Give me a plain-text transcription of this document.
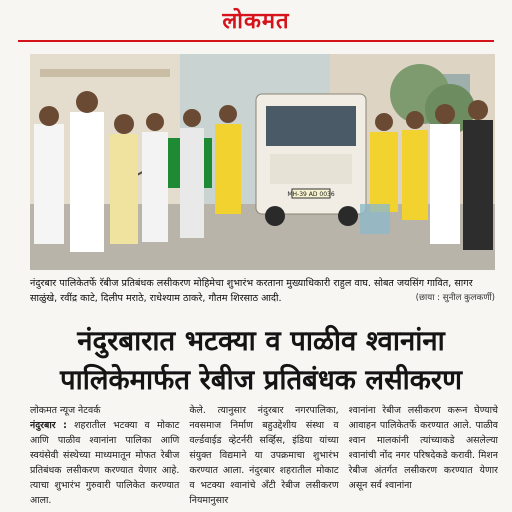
लोकमत
MH-39 AD 0036
नंदुरबार पालिकेतर्फे रॅबीज प्रतिबंधक लसीकरण मोहिमेचा शुभारंभ करताना मुख्याधिकारी राहुल वाघ. सोबत जयसिंग गावित, सागर साळुंखे, रवींद्र काटे, दिलीप मराठे, राधेश्याम ठाकरे, गौतम शिरसाठ आदी.	(छाया : सुनील कुलकर्णी)
नंदुरबारात भटक्या व पाळीव श्वानांना
पालिकेमार्फत रेबीज प्रतिबंधक लसीकरण
लोकमत न्यूज नेटवर्क
नंदुरबार : शहरातील भटक्या व मोकाट आणि पाळीव श्वानांना पालिका आणि स्वयंसेवी संस्थेच्या माध्यमातून मोफत रेबीज प्रतिबंधक लसीकरण करण्यात येणार आहे. त्याचा शुभारंभ गुरुवारी पालिकेत करण्यात आला.
केले. त्यानुसार नंदुरबार नगरपालिका, नवसमाज निर्माण बहुउद्देशीय संस्था व वर्ल्डवाईड व्हेटर्नरी सर्व्हिस, इंडिया यांच्या संयुक्त विद्यमाने या उपक्रमाचा शुभारंभ करण्यात आला. नंदुरबार शहरातील मोकाट व भटक्या श्वानांचे अँटी रेबीज लसीकरण नियमानुसार
श्वानांना रेबीज लसीकरण करून घेण्याचे आवाहन पालिकेतर्फे करण्यात आले. पाळीव श्वान मालकांनी त्यांच्याकडे असलेल्या श्वानांची नोंद नगर परिषदेकडे करावी. मिशन रेबीज अंतर्गत लसीकरण करण्यात येणार असून सर्व श्वानांना
